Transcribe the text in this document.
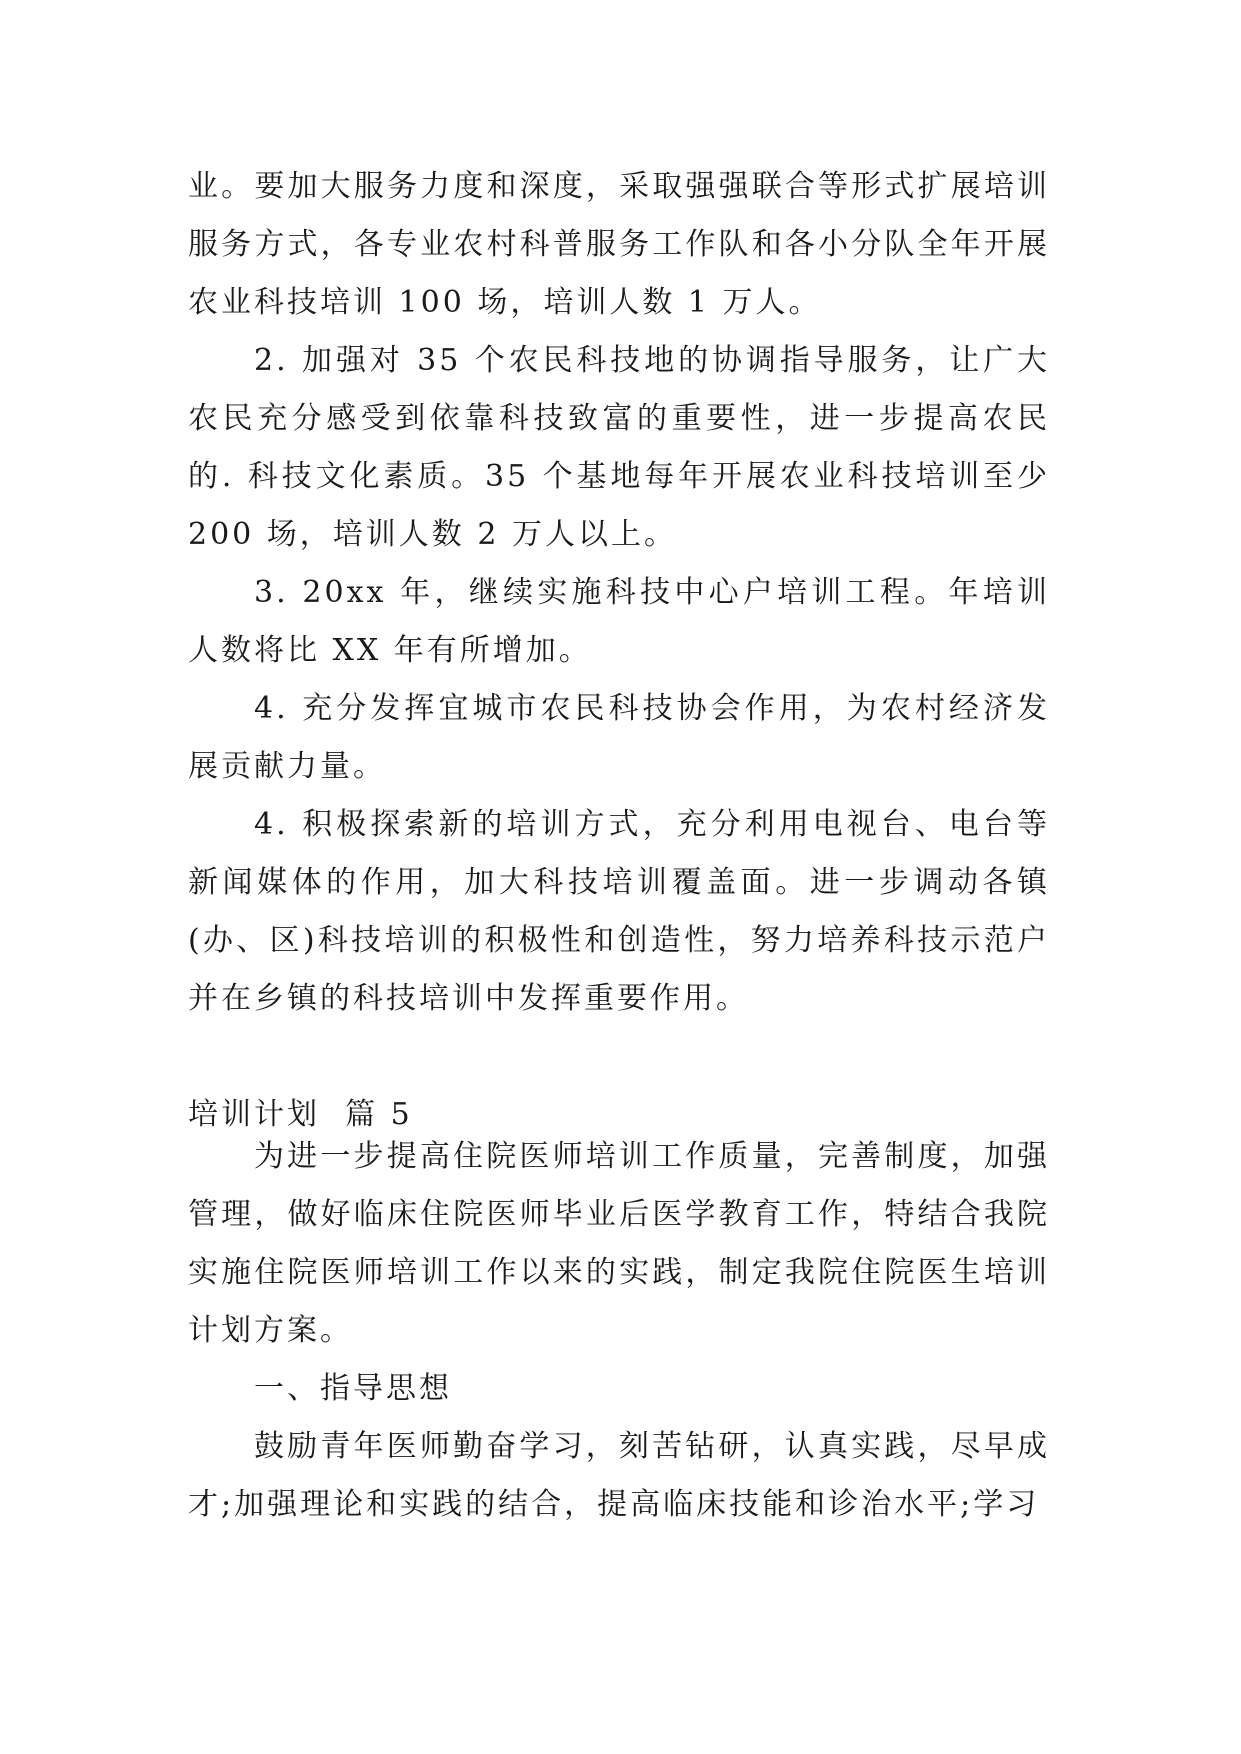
业。要加大服务力度和深度，采取强强联合等形式扩展培训服务方式，各专业农村科普服务工作队和各小分队全年开展农业科技培训 100 场，培训人数 1 万人。

2. 加强对 35 个农民科技地的协调指导服务，让广大农民充分感受到依靠科技致富的重要性，进一步提高农民的. 科技文化素质。35 个基地每年开展农业科技培训至少 200 场，培训人数 2 万人以上。

3. 20xx 年，继续实施科技中心户培训工程。年培训人数将比 XX 年有所增加。

4. 充分发挥宜城市农民科技协会作用，为农村经济发展贡献力量。

4. 积极探索新的培训方式，充分利用电视台、电台等新闻媒体的作用，加大科技培训覆盖面。进一步调动各镇(办、区)科技培训的积极性和创造性，努力培养科技示范户并在乡镇的科技培训中发挥重要作用。

培训计划  篇 5

为进一步提高住院医师培训工作质量，完善制度，加强管理，做好临床住院医师毕业后医学教育工作，特结合我院实施住院医师培训工作以来的实践，制定我院住院医生培训计划方案。

一、指导思想

鼓励青年医师勤奋学习，刻苦钻研，认真实践，尽早成才;加强理论和实践的结合，提高临床技能和诊治水平;学习
